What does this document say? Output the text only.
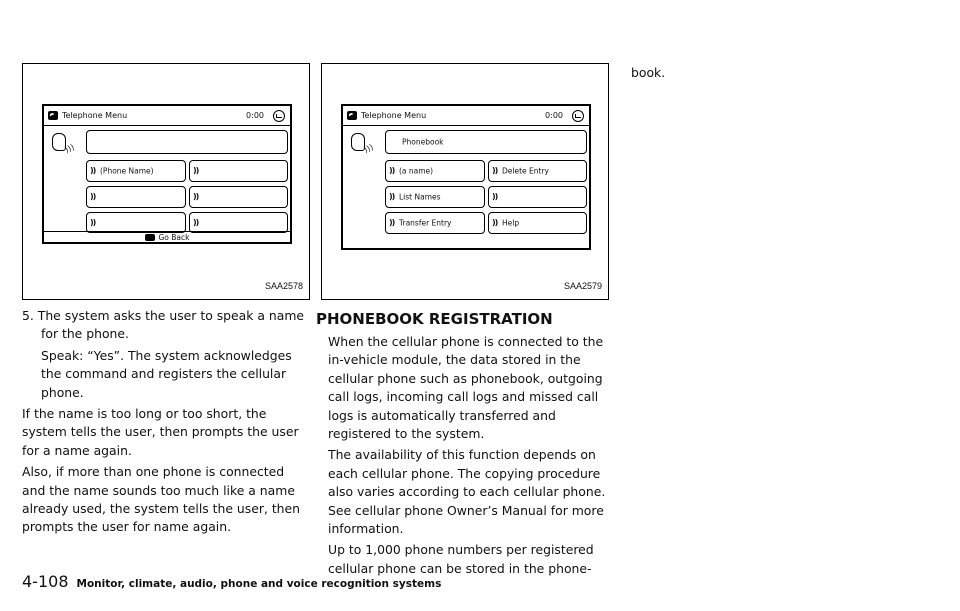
Telephone Menu	0:00
)))
)) (Phone Name)	))
))	))
))	))
Go Back
SAA2578
Telephone Menu	0:00
)))
Phonebook
)) (a name)	)) Delete Entry
)) List Names	))
)) Transfer Entry	)) Help
SAA2579

5. The system asks the user to speak a name for the phone.

Speak: “Yes”. The system acknowledges the command and registers the cellular phone.

If the name is too long or too short, the system tells the user, then prompts the user for a name again.

Also, if more than one phone is connected and the name sounds too much like a name already used, the system tells the user, then prompts the user for name again.

PHONEBOOK REGISTRATION

When the cellular phone is connected to the in-vehicle module, the data stored in the cellular phone such as phonebook, outgoing call logs, incoming call logs and missed call logs is automatically transferred and registered to the system.

The availability of this function depends on each cellular phone. The copying procedure also varies according to each cellular phone. See cellular phone Owner’s Manual for more information.

Up to 1,000 phone numbers per registered cellular phone can be stored in the phone-

book.

4-108 Monitor, climate, audio, phone and voice recognition systems
